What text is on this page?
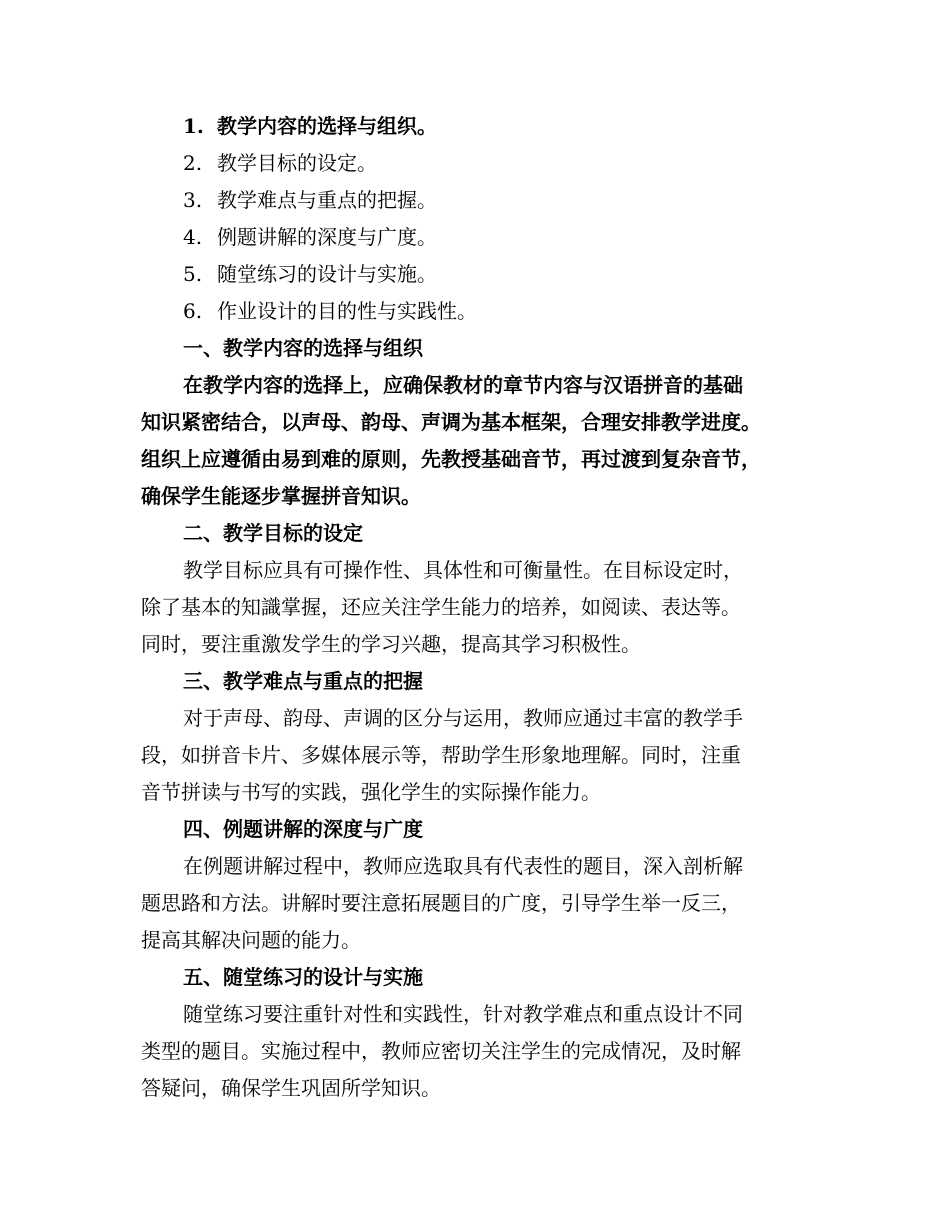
1. 教学内容的选择与组织。

2. 教学目标的设定。

3. 教学难点与重点的把握。

4. 例题讲解的深度与广度。

5. 随堂练习的设计与实施。

6. 作业设计的目的性与实践性。

一、教学内容的选择与组织

在教学内容的选择上，应确保教材的章节内容与汉语拼音的基础

知识紧密结合，以声母、韵母、声调为基本框架，合理安排教学进度。

组织上应遵循由易到难的原则，先教授基础音节，再过渡到复杂音节，

确保学生能逐步掌握拼音知识。

二、教学目标的设定

教学目标应具有可操作性、具体性和可衡量性。在目标设定时，

除了基本的知識掌握，还应关注学生能力的培养，如阅读、表达等。

同时，要注重激发学生的学习兴趣，提高其学习积极性。

三、教学难点与重点的把握

对于声母、韵母、声调的区分与运用，教师应通过丰富的教学手

段，如拼音卡片、多媒体展示等，帮助学生形象地理解。同时，注重

音节拼读与书写的实践，强化学生的实际操作能力。

四、例题讲解的深度与广度

在例题讲解过程中，教师应选取具有代表性的题目，深入剖析解

题思路和方法。讲解时要注意拓展题目的广度，引导学生举一反三，

提高其解决问题的能力。

五、随堂练习的设计与实施

随堂练习要注重针对性和实践性，针对教学难点和重点设计不同

类型的题目。实施过程中，教师应密切关注学生的完成情况，及时解

答疑问，确保学生巩固所学知识。
